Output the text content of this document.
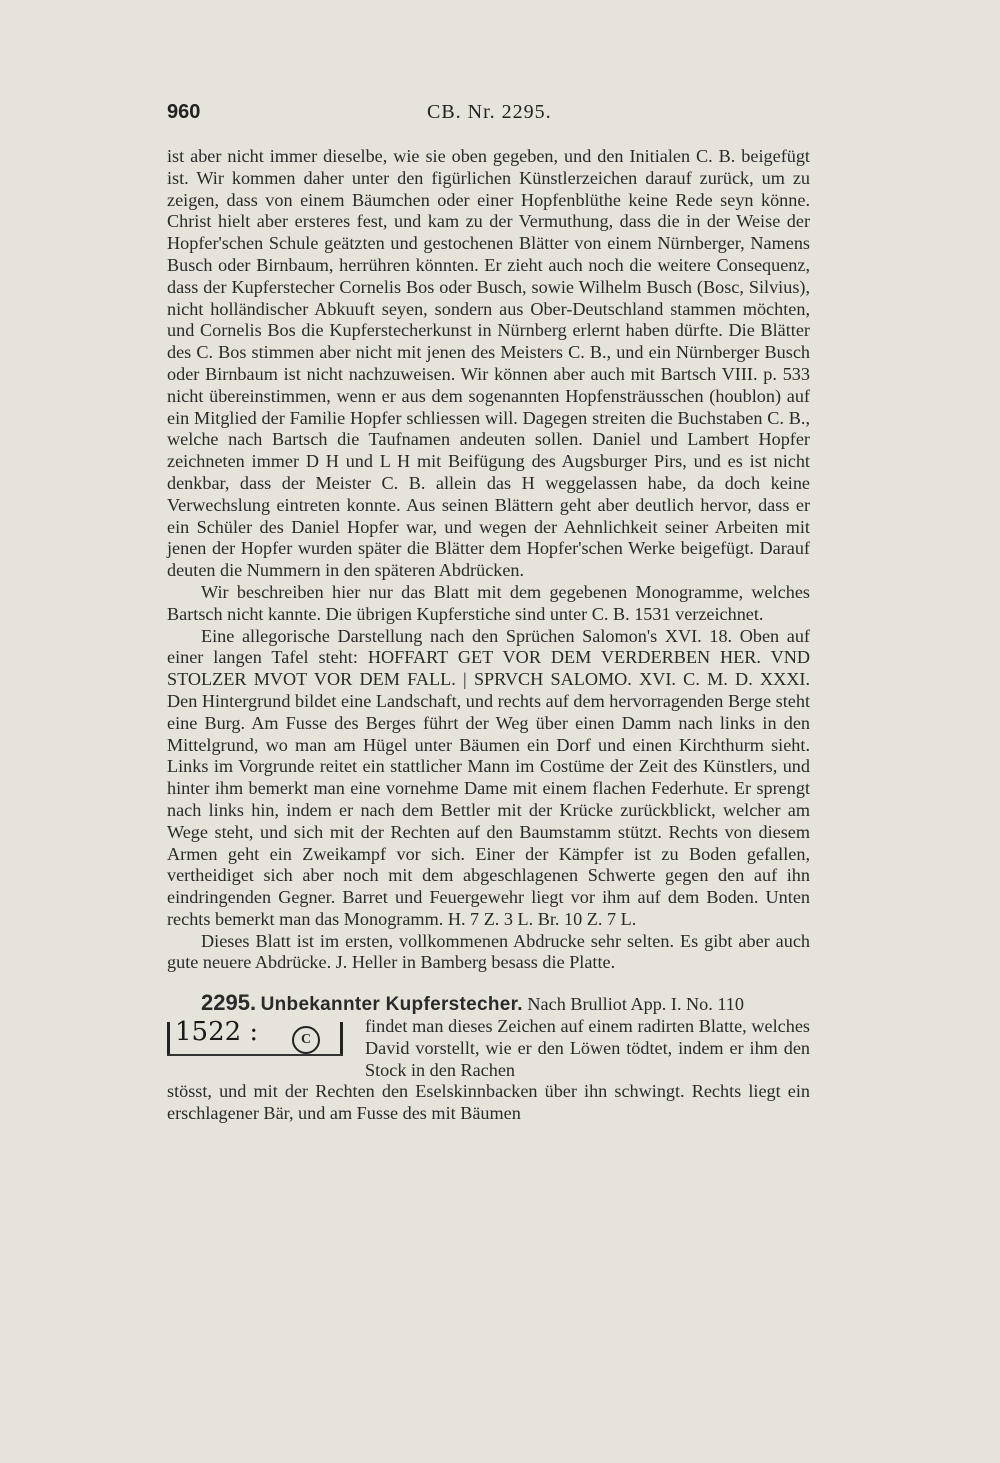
960	CB. Nr. 2295.

ist aber nicht immer dieselbe, wie sie oben gegeben, und den Initialen C. B. beigefügt ist. Wir kommen daher unter den figürlichen Künstlerzeichen darauf zurück, um zu zeigen, dass von einem Bäumchen oder einer Hopfenblüthe keine Rede seyn könne. Christ hielt aber ersteres fest, und kam zu der Vermuthung, dass die in der Weise der Hopfer'schen Schule geätzten und gestochenen Blätter von einem Nürnberger, Namens Busch oder Birnbaum, herrühren könnten. Er zieht auch noch die weitere Consequenz, dass der Kupferstecher Cornelis Bos oder Busch, sowie Wilhelm Busch (Bosc, Silvius), nicht holländischer Abkuuft seyen, sondern aus Ober-Deutschland stammen möchten, und Cornelis Bos die Kupferstecherkunst in Nürnberg erlernt haben dürfte. Die Blätter des C. Bos stimmen aber nicht mit jenen des Meisters C. B., und ein Nürnberger Busch oder Birnbaum ist nicht nachzuweisen. Wir können aber auch mit Bartsch VIII. p. 533 nicht übereinstimmen, wenn er aus dem sogenannten Hopfensträusschen (houblon) auf ein Mitglied der Familie Hopfer schliessen will. Dagegen streiten die Buchstaben C. B., welche nach Bartsch die Taufnamen andeuten sollen. Daniel und Lambert Hopfer zeichneten immer D H und L H mit Beifügung des Augsburger Pirs, und es ist nicht denkbar, dass der Meister C. B. allein das H weggelassen habe, da doch keine Verwechslung eintreten konnte. Aus seinen Blättern geht aber deutlich hervor, dass er ein Schüler des Daniel Hopfer war, und wegen der Aehnlichkeit seiner Arbeiten mit jenen der Hopfer wurden später die Blätter dem Hopfer'schen Werke beigefügt. Darauf deuten die Nummern in den späteren Abdrücken.

Wir beschreiben hier nur das Blatt mit dem gegebenen Monogramme, welches Bartsch nicht kannte. Die übrigen Kupferstiche sind unter C. B. 1531 verzeichnet.

Eine allegorische Darstellung nach den Sprüchen Salomon's XVI. 18. Oben auf einer langen Tafel steht: HOFFART GET VOR DEM VERDERBEN HER. VND STOLZER MVOT VOR DEM FALL. | SPRVCH SALOMO. XVI. C. M. D. XXXI. Den Hintergrund bildet eine Landschaft, und rechts auf dem hervorragenden Berge steht eine Burg. Am Fusse des Berges führt der Weg über einen Damm nach links in den Mittelgrund, wo man am Hügel unter Bäumen ein Dorf und einen Kirchthurm sieht. Links im Vorgrunde reitet ein stattlicher Mann im Costüme der Zeit des Künstlers, und hinter ihm bemerkt man eine vornehme Dame mit einem flachen Federhute. Er sprengt nach links hin, indem er nach dem Bettler mit der Krücke zurückblickt, welcher am Wege steht, und sich mit der Rechten auf den Baumstamm stützt. Rechts von diesem Armen geht ein Zweikampf vor sich. Einer der Kämpfer ist zu Boden gefallen, vertheidiget sich aber noch mit dem abgeschlagenen Schwerte gegen den auf ihn eindringenden Gegner. Barret und Feuergewehr liegt vor ihm auf dem Boden. Unten rechts bemerkt man das Monogramm. H. 7 Z. 3 L. Br. 10 Z. 7 L.

Dieses Blatt ist im ersten, vollkommenen Abdrucke sehr selten. Es gibt aber auch gute neuere Abdrücke. J. Heller in Bamberg besass die Platte.

2295. Unbekannter Kupferstecher. Nach Brulliot App. I. No. 110

1522 :	C

findet man dieses Zeichen auf einem radirten Blatte, welches David vorstellt, wie er den Löwen tödtet, indem er ihm den Stock in den Rachen

stösst, und mit der Rechten den Eselskinnbacken über ihn schwingt. Rechts liegt ein erschlagener Bär, und am Fusse des mit Bäumen
